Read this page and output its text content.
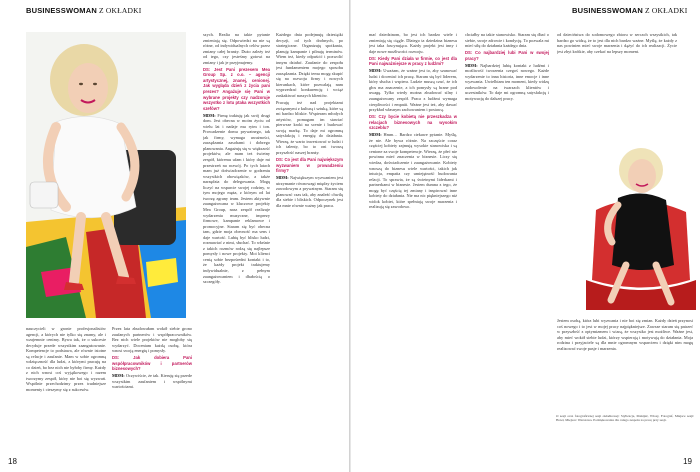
BUSINESSWOMAN Z OKŁADKI

szych. Realia na takie pytanie zmieniają się. Odpowiedzi na nie są różne, od indywidualnych celów przez zmiany całej branży. Dużo zależy też od tego, czy jesteśmy gotowi na zmiany i jak je przyjmujemy.

DS: Jest Pani prezesem Mea Group Sp. z o.o. – agencji artystycznej, znanej, cenionej. Jak wygląda dzień z życia pani prezes? Angażuje się Pani w wybrane projekty czy nadzoruje wszystko z lotu ptaka wszystkich szefów?

MDM: Firmę traktuję jak swój drugi dom. Jest obecna w moim życiu od wielu lat i nadaje mu rytm i ton. Prowadzenie domu prywatnego, tak jak firmy, wymaga uważności, zarządzania zasobami i dobrego planowania. Angażuję się w większość projektów, ale mam też świetny zespół, któremu ufam i który daje mi przestrzeń na rozwój. Po tych latach mam już doświadczenie w godzeniu wszystkich obowiązków, a także narzędzia do delegowania. Mogę liczyć na wsparcie swojej rodziny, w tym mojego męża, z którym od lat tworzę zgrany team. Jestem aktywnie zaangażowana w kluczowe projekty Mea Group, nasz zespół realizuje wydarzenia muzyczne, imprezy firmowe, kampanie reklamowe i promocyjne. Staram się być obecna tam, gdzie moja obecność ma sens i daje wartość. Lubię być blisko ludzi, rozmawiać z nimi, słuchać. To właśnie z takich rozmów rodzą się najlepsze pomysły i nowe projekty. Moi klienci cenią sobie bezpośredni kontakt i to, że każdy projekt traktujemy indywidualnie, z pełnym zaangażowaniem i dbałością o szczegóły.

Każdego dnia podejmuję dziesiątki decyzji, od tych drobnych, po strategiczne. Organizuję spotkania, planuję kampanie i pilnuję terminów. Wiem też, kiedy odpuścić i pozwolić innym działać. Zaufanie do zespołu jest fundamentem mojego sposobu zarządzania. Dzięki temu mogę skupić się na rozwoju firmy i nowych kierunkach, które pozwalają nam wyprzedzać konkurencję i wciąż zaskakiwać naszych klientów.

Pracuję też nad projektami związanymi z kulturą i sztuką, które są mi bardzo bliskie. Wspieram młodych artystów, pomagam im stawiać pierwsze kroki na scenie i budować swoją markę. To daje mi ogromną satysfakcję i energię do działania. Wierzę, że warto inwestować w ludzi i ich talenty, bo to oni tworzą przyszłość naszej branży.

DS: Co jest dla Pani największym wyzwaniem w prowadzeniu firmy?

MDM: Największym wyzwaniem jest utrzymanie równowagi między życiem zawodowym a prywatnym. Staram się planować czas tak, aby znaleźć chwilę dla siebie i bliskich. Odpoczynek jest dla mnie równie ważny jak praca.

nauczycieli w gronie profesjonalistów agencji, a których nie tylko się znamy, ale i wzajemnie cenimy. Bywa tak, że o sukcesie decyduje przede wszystkim zaangażowanie. Kompetencje to podstawa, ale równie istotne są relacje i zaufanie. Mam w sobie ogromną wdzięczność dla ludzi, z którymi pracuję na co dzień, bo bez nich nie byłoby firmy. Każdy z nich wnosi coś wyjątkowego i razem tworzymy zespół, który nie boi się wyzwań. Wspólnie przechodzimy przez trudniejsze momenty i cieszymy się z sukcesów.

Przez lata zbudowałam wokół siebie grono zaufanych partnerów i współpracowników. Bez nich wiele projektów nie mogłoby się wydarzyć. Doceniam każdą osobę, która wnosi swoją energię i pomysły.

DS: Jak dobiera Pani współpracowników i partnerów biznesowych?

MDM: Oczywiście, że tak. Kieruję się przede wszystkim zaufaniem i wspólnymi wartościami.

18
BUSINESSWOMAN Z OKŁADKI

mać dziedzinom, bo jest ich bardzo wiele i zmieniają się ciągle. Dlatego ta dziedzina biznesu jest taka fascynująca. Każdy projekt jest inny i daje nowe możliwości rozwoju.

DS: Kiedy Pani działa w firmie, co jest dla Pani najważniejsze w pracy z ludźmi?

MDM: Uważam, że ważne jest to, aby szanować ludzi i doceniać ich pracę. Staram się być liderem, który słucha i wspiera. Ludzie muszą czuć, że ich głos ma znaczenie, a ich pomysły są brane pod uwagę. Tylko wtedy można zbudować silny i zaangażowany zespół. Praca z ludźmi wymaga cierpliwości i empatii. Ważne jest też, aby dawać przykład własnym zachowaniem i postawą.

DS: Czy bycie kobietą nie przeszkadza w relacjach biznesowych na wysokim szczeblu?

MDM: Hmm… Bardzo ciekawe pytanie. Myślę, że nie. Ale bywa różnie. Na szczęście coraz częściej kobiety zajmują wysokie stanowiska i są cenione za swoje kompetencje. Wierzę, że płeć nie powinna mieć znaczenia w biznesie. Liczy się wiedza, doświadczenie i zaangażowanie. Kobiety wnoszą do biznesu wiele wartości, takich jak intuicja, empatia czy umiejętność budowania relacji. To sprawia, że są świetnymi liderkami i partnerkami w biznesie. Jestem dumna z tego, że mogę być częścią tej zmiany i inspirować inne kobiety do działania. Nie ma nic piękniejszego niż widok kobiet, które spełniają swoje marzenia i realizują się zawodowo.

chciałby na takie stanowisko. Staram się dbać o siebie, swoje zdrowie i kondycję. To pozwala mi mieć siłę do działania każdego dnia.

DS: Co najbardziej lubi Pani w swojej pracy?

MDM: Najbardziej lubię kontakt z ludźmi i możliwość tworzenia czegoś nowego. Każde wydarzenie to inna historia, inne emocje i inne wyzwania. Uwielbiam ten moment, kiedy widzę zadowolenie na twarzach klientów i uczestników. To daje mi ogromną satysfakcję i motywację do dalszej pracy.

od dzieciństwa do sodomowego zbioru w sercach wszystkich, tak bardzo go widzą, że to jest dla nich bardzo ważne. Myślę, że każdy z nas powinien mieć swoje marzenia i dążyć do ich realizacji. Życie jest zbyt krótkie, aby czekać na lepszy moment.

Jestem osobą, która lubi wyzwania i nie boi się zmian. Każdy dzień przynosi coś nowego i to jest w mojej pracy najpiękniejsze. Zawsze staram się patrzeć w przyszłość z optymizmem i wiarą, że wszystko jest możliwe. Ważne jest, aby mieć wokół siebie ludzi, którzy wspierają i motywują do działania. Moja rodzina i przyjaciele są dla mnie ogromnym wsparciem i dzięki nim mogę realizować swoje pasje i marzenia.

O sesji oraz fotograficznej sesji okładkowej: Stylizacje, Makijaż, Włosy, Fotograf, Miejsce sesji: Hotel, Miejsce: Warszawa. Podziękowania dla całego zespołu za pracę przy sesji.
19
